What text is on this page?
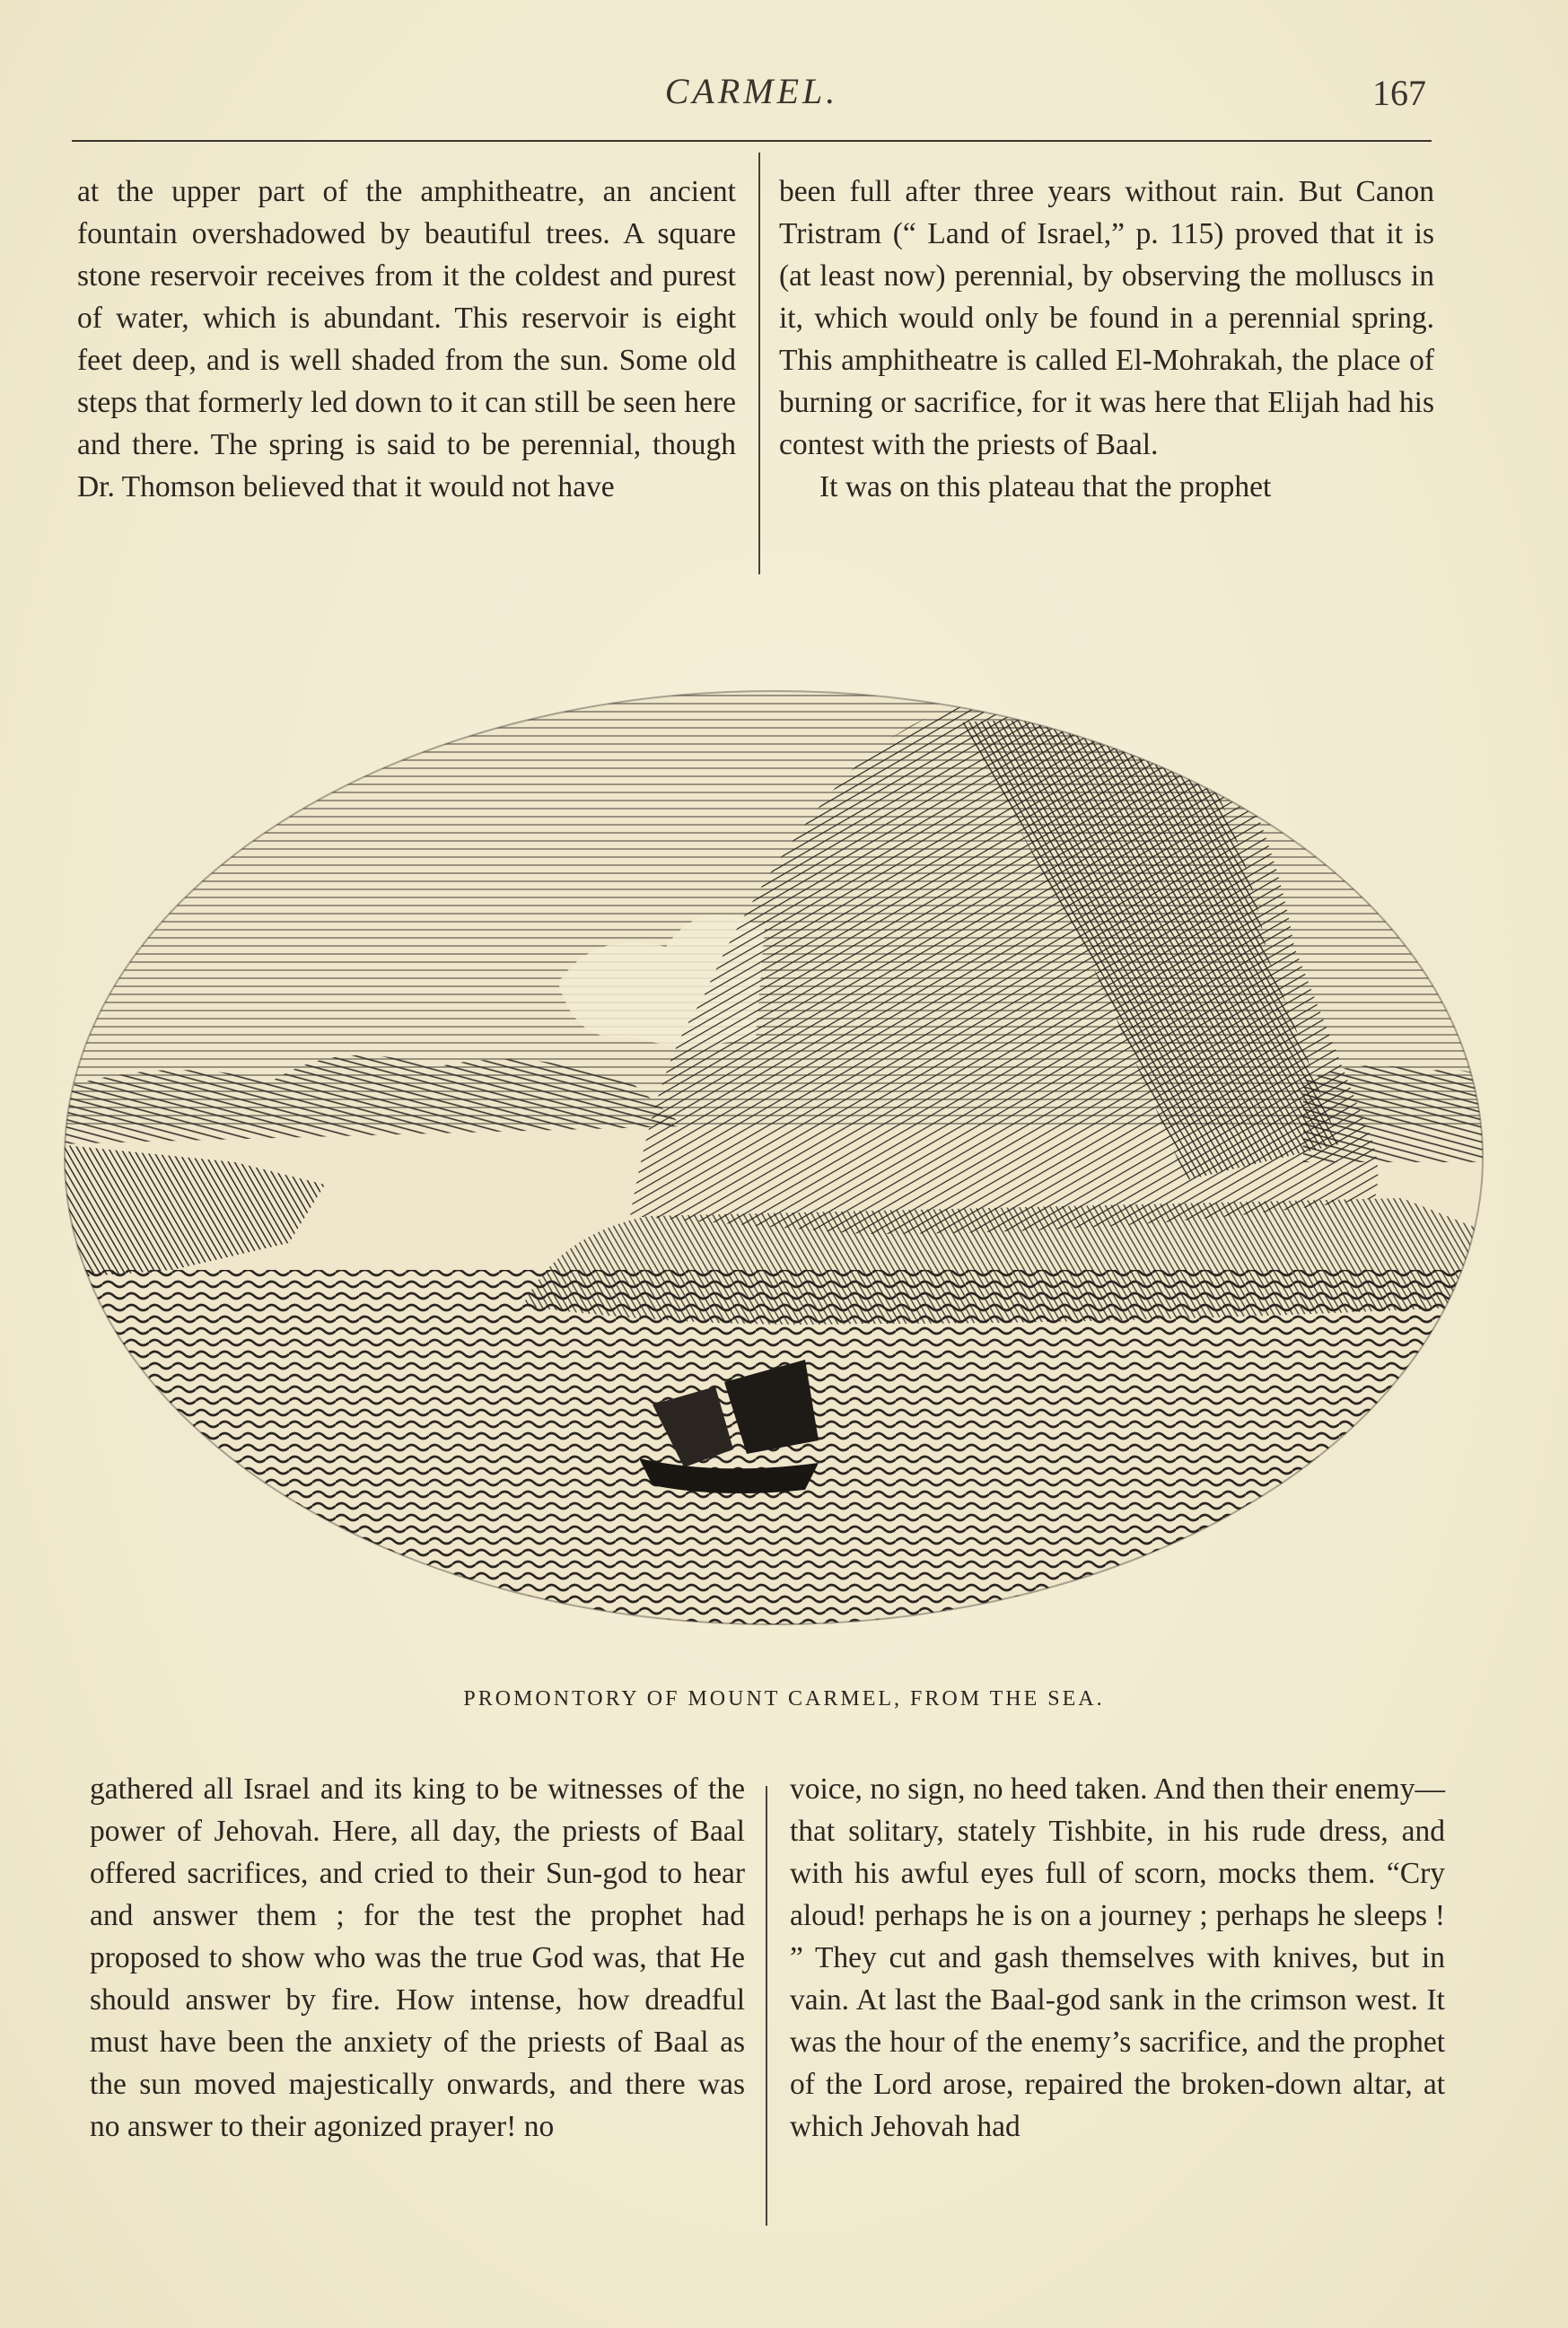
CARMEL.	167

at the upper part of the amphitheatre, an ancient fountain overshadowed by beautiful trees. A square stone reservoir receives from it the coldest and purest of water, which is abundant. This reservoir is eight feet deep, and is well shaded from the sun. Some old steps that formerly led down to it can still be seen here and there. The spring is said to be perennial, though Dr. Thomson believed that it would not have

been full after three years without rain. But Canon Tristram (“ Land of Israel,” p. 115) proved that it is (at least now) perennial, by observing the molluscs in it, which would only be found in a perennial spring. This amphitheatre is called El-Mohrakah, the place of burning or sacrifice, for it was here that Elijah had his contest with the priests of Baal.

It was on this plateau that the prophet

PROMONTORY OF MOUNT CARMEL, FROM THE SEA.

gathered all Israel and its king to be witnesses of the power of Jehovah. Here, all day, the priests of Baal offered sacrifices, and cried to their Sun-god to hear and answer them ; for the test the prophet had proposed to show who was the true God was, that He should answer by fire. How intense, how dreadful must have been the anxiety of the priests of Baal as the sun moved majestically onwards, and there was no answer to their agonized prayer! no

voice, no sign, no heed taken. And then their enemy—that solitary, stately Tishbite, in his rude dress, and with his awful eyes full of scorn, mocks them. “Cry aloud! perhaps he is on a journey ; perhaps he sleeps ! ” They cut and gash themselves with knives, but in vain. At last the Baal-god sank in the crimson west. It was the hour of the enemy’s sacrifice, and the prophet of the Lord arose, repaired the broken-down altar, at which Jehovah had
